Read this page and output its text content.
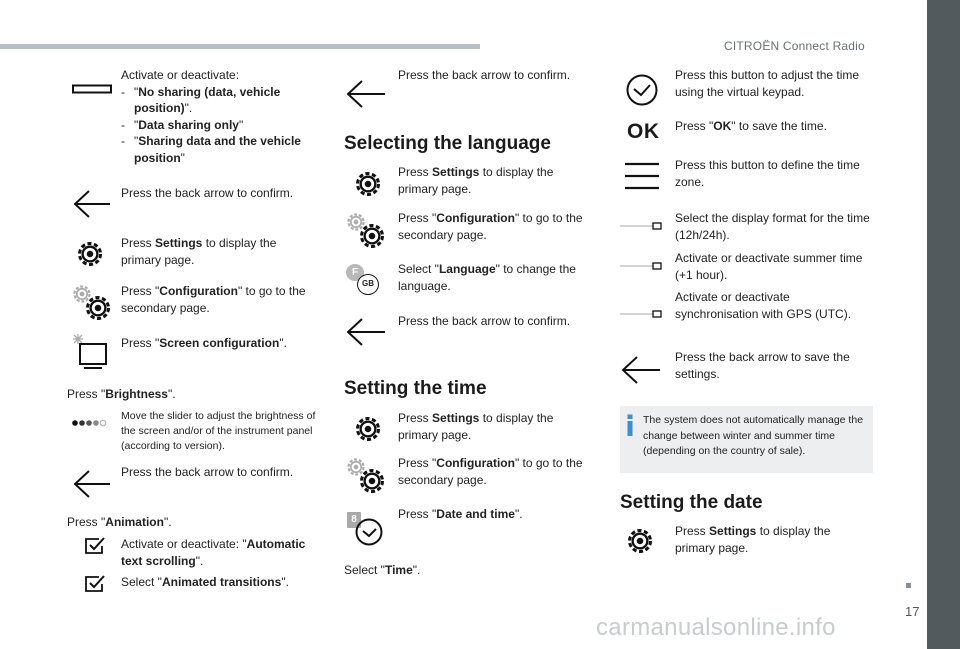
CITROËN Connect Radio
Activate or deactivate:
- "No sharing (data, vehicle position)".
- "Data sharing only"
- "Sharing data and the vehicle position"
Press the back arrow to confirm.
Press Settings to display the primary page.
Press "Configuration" to go to the secondary page.
Press "Screen configuration".
Press "Brightness".
Move the slider to adjust the brightness of the screen and/or of the instrument panel (according to version).
Press the back arrow to confirm.
Press "Animation".
Activate or deactivate: "Automatic text scrolling".
Select "Animated transitions".
Press the back arrow to confirm.
Selecting the language
Press Settings to display the primary page.
Press "Configuration" to go to the secondary page.
F
GB
Select "Language" to change the language.
Press the back arrow to confirm.
Setting the time
Press Settings to display the primary page.
Press "Configuration" to go to the secondary page.
8	Press "Date and time".
Select "Time".
Press this button to adjust the time using the virtual keypad.
OK Press "OK" to save the time.
Press this button to define the time zone.
Select the display format for the time (12h/24h).
Activate or deactivate summer time (+1 hour).
Activate or deactivate synchronisation with GPS (UTC).
Press the back arrow to save the settings.
The system does not automatically manage the change between winter and summer time (depending on the country of sale).
Setting the date
Press Settings to display the primary page.
17
carmanualsonline.info
